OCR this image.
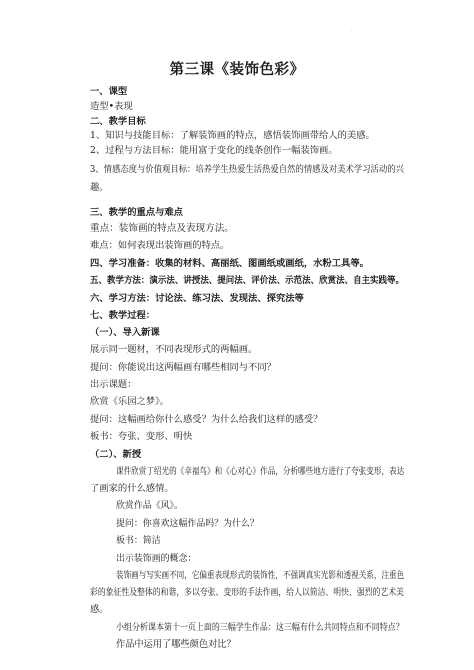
·
第三课《装饰色彩》
一、课型
造型•表现
二、教学目标
1、知识与技能目标：了解装饰画的特点，感悟装饰画带给人的美感。
2、过程与方法目标：能用富于变化的线条创作一幅装饰画。
3、情感态度与价值观目标：培养学生热爱生活热爱自然的情感及对美术学习活动的兴
趣。
三、教学的重点与难点
重点：装饰画的特点及表现方法。
难点：如何表现出装饰画的特点。
四、学习准备：收集的材料、高丽纸、图画纸或画纸，水粉工具等。
五、教学方法：演示法、讲授法、提问法、评价法、示范法、欣赏法、自主实践等。
六、学习方法：讨论法、练习法、发现法、探究法等
七、教学过程：
（一）、导入新课
展示同一题材，不同表现形式的两幅画。
提问：你能说出这两幅画有哪些相同与不同？
出示课题：
欣赏《乐园之梦》。
提问：这幅画给你什么感受？为什么给我们这样的感受？
板书：夸张、变形、明快
（二）、新授
课件欣赏丁绍光的《幸福鸟》和《心对心》作品，分析哪些地方进行了夸张变形，表达
了画家的什么感情。
欣赏作品《风》。
提问：你喜欢这幅作品吗？为什么？
板书：简洁
出示装饰画的概念：
装饰画与写实画不同，它偏重表现形式的装饰性，不强调真实光影和透视关系，注重色
彩的象征性及整体的和谐，多以夸张、变形的手法作画，给人以简洁、明快、强烈的艺术美
感。
小组分析课本第十一页上面的三幅学生作品：这三幅有什么共同特点和不同特点？
作品中运用了哪些颜色对比？
